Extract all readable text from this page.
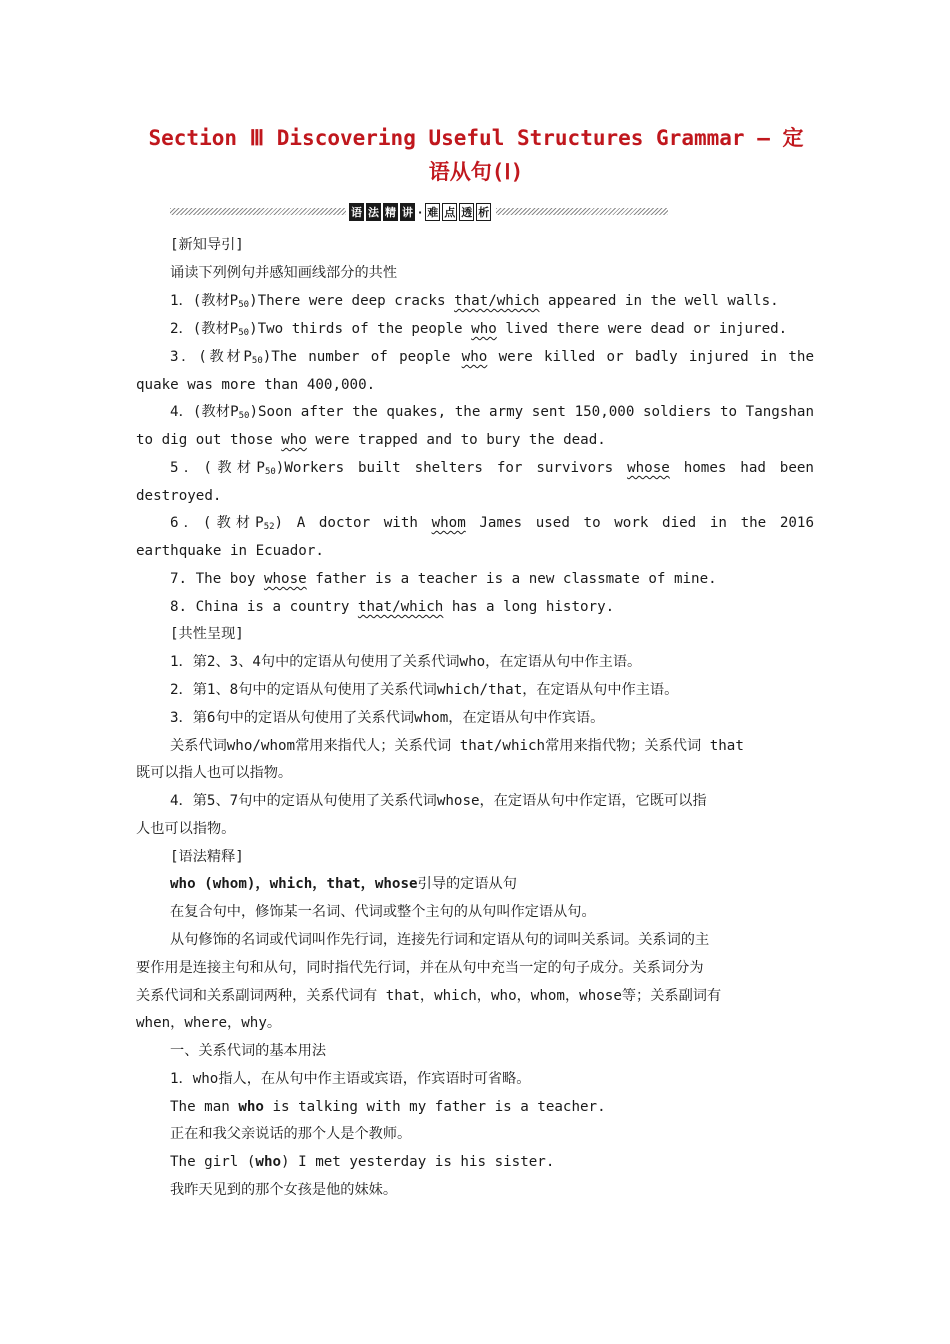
Section Ⅲ Discovering Useful Structures Grammar — 定
语从句(Ⅰ)
语 法 精 讲 · 难 点 透 析
[新知导引]
诵读下列例句并感知画线部分的共性
1．(教材$P_{50})There$ were deep cracks that/which appeared in the well walls.
2．(教材$P_{50})Two$ thirds of the people who lived there were dead or injured.
3．(教材$P_{50})The$ number of people who were killed or badly injured in the
quake was more than 400,000.
4．(教材$P_{50})Soon$ after the quakes, the army sent 150,000 soldiers to Tangshan
to dig out those who were trapped and to bury the dead.
5．(教材$P_{50})Workers$ built shelters for survivors whose homes had been
destroyed.
6．(教材$P_{52}$) A doctor with whom James used to work died in the 2016
earthquake in Ecuador.
7. The boy whose father is a teacher is a new classmate of mine.
8. China is a country that/which has a long history.
[共性呈现]
1．第2、3、4句中的定语从句使用了关系代词who，在定语从句中作主语。
2．第1、8句中的定语从句使用了关系代词which/that，在定语从句中作主语。
3．第6句中的定语从句使用了关系代词whom，在定语从句中作宾语。
关系代词who/whom常用来指代人；关系代词 that/which常用来指代物；关系代词 that
既可以指人也可以指物。
4．第5、7句中的定语从句使用了关系代词whose，在定语从句中作定语，它既可以指
人也可以指物。
[语法精释]
who (whom)，which，that，whose引导的定语从句
在复合句中，修饰某一名词、代词或整个主句的从句叫作定语从句。
从句修饰的名词或代词叫作先行词，连接先行词和定语从句的词叫关系词。关系词的主
要作用是连接主句和从句，同时指代先行词，并在从句中充当一定的句子成分。关系词分为
关系代词和关系副词两种，关系代词有 that，which，who，whom，whose等；关系副词有
when，where，why。
一、关系代词的基本用法
1．who指人，在从句中作主语或宾语，作宾语时可省略。
The man who is talking with my father is a teacher.
正在和我父亲说话的那个人是个教师。
The girl (who) I met yesterday is his sister.
我昨天见到的那个女孩是他的妹妹。
